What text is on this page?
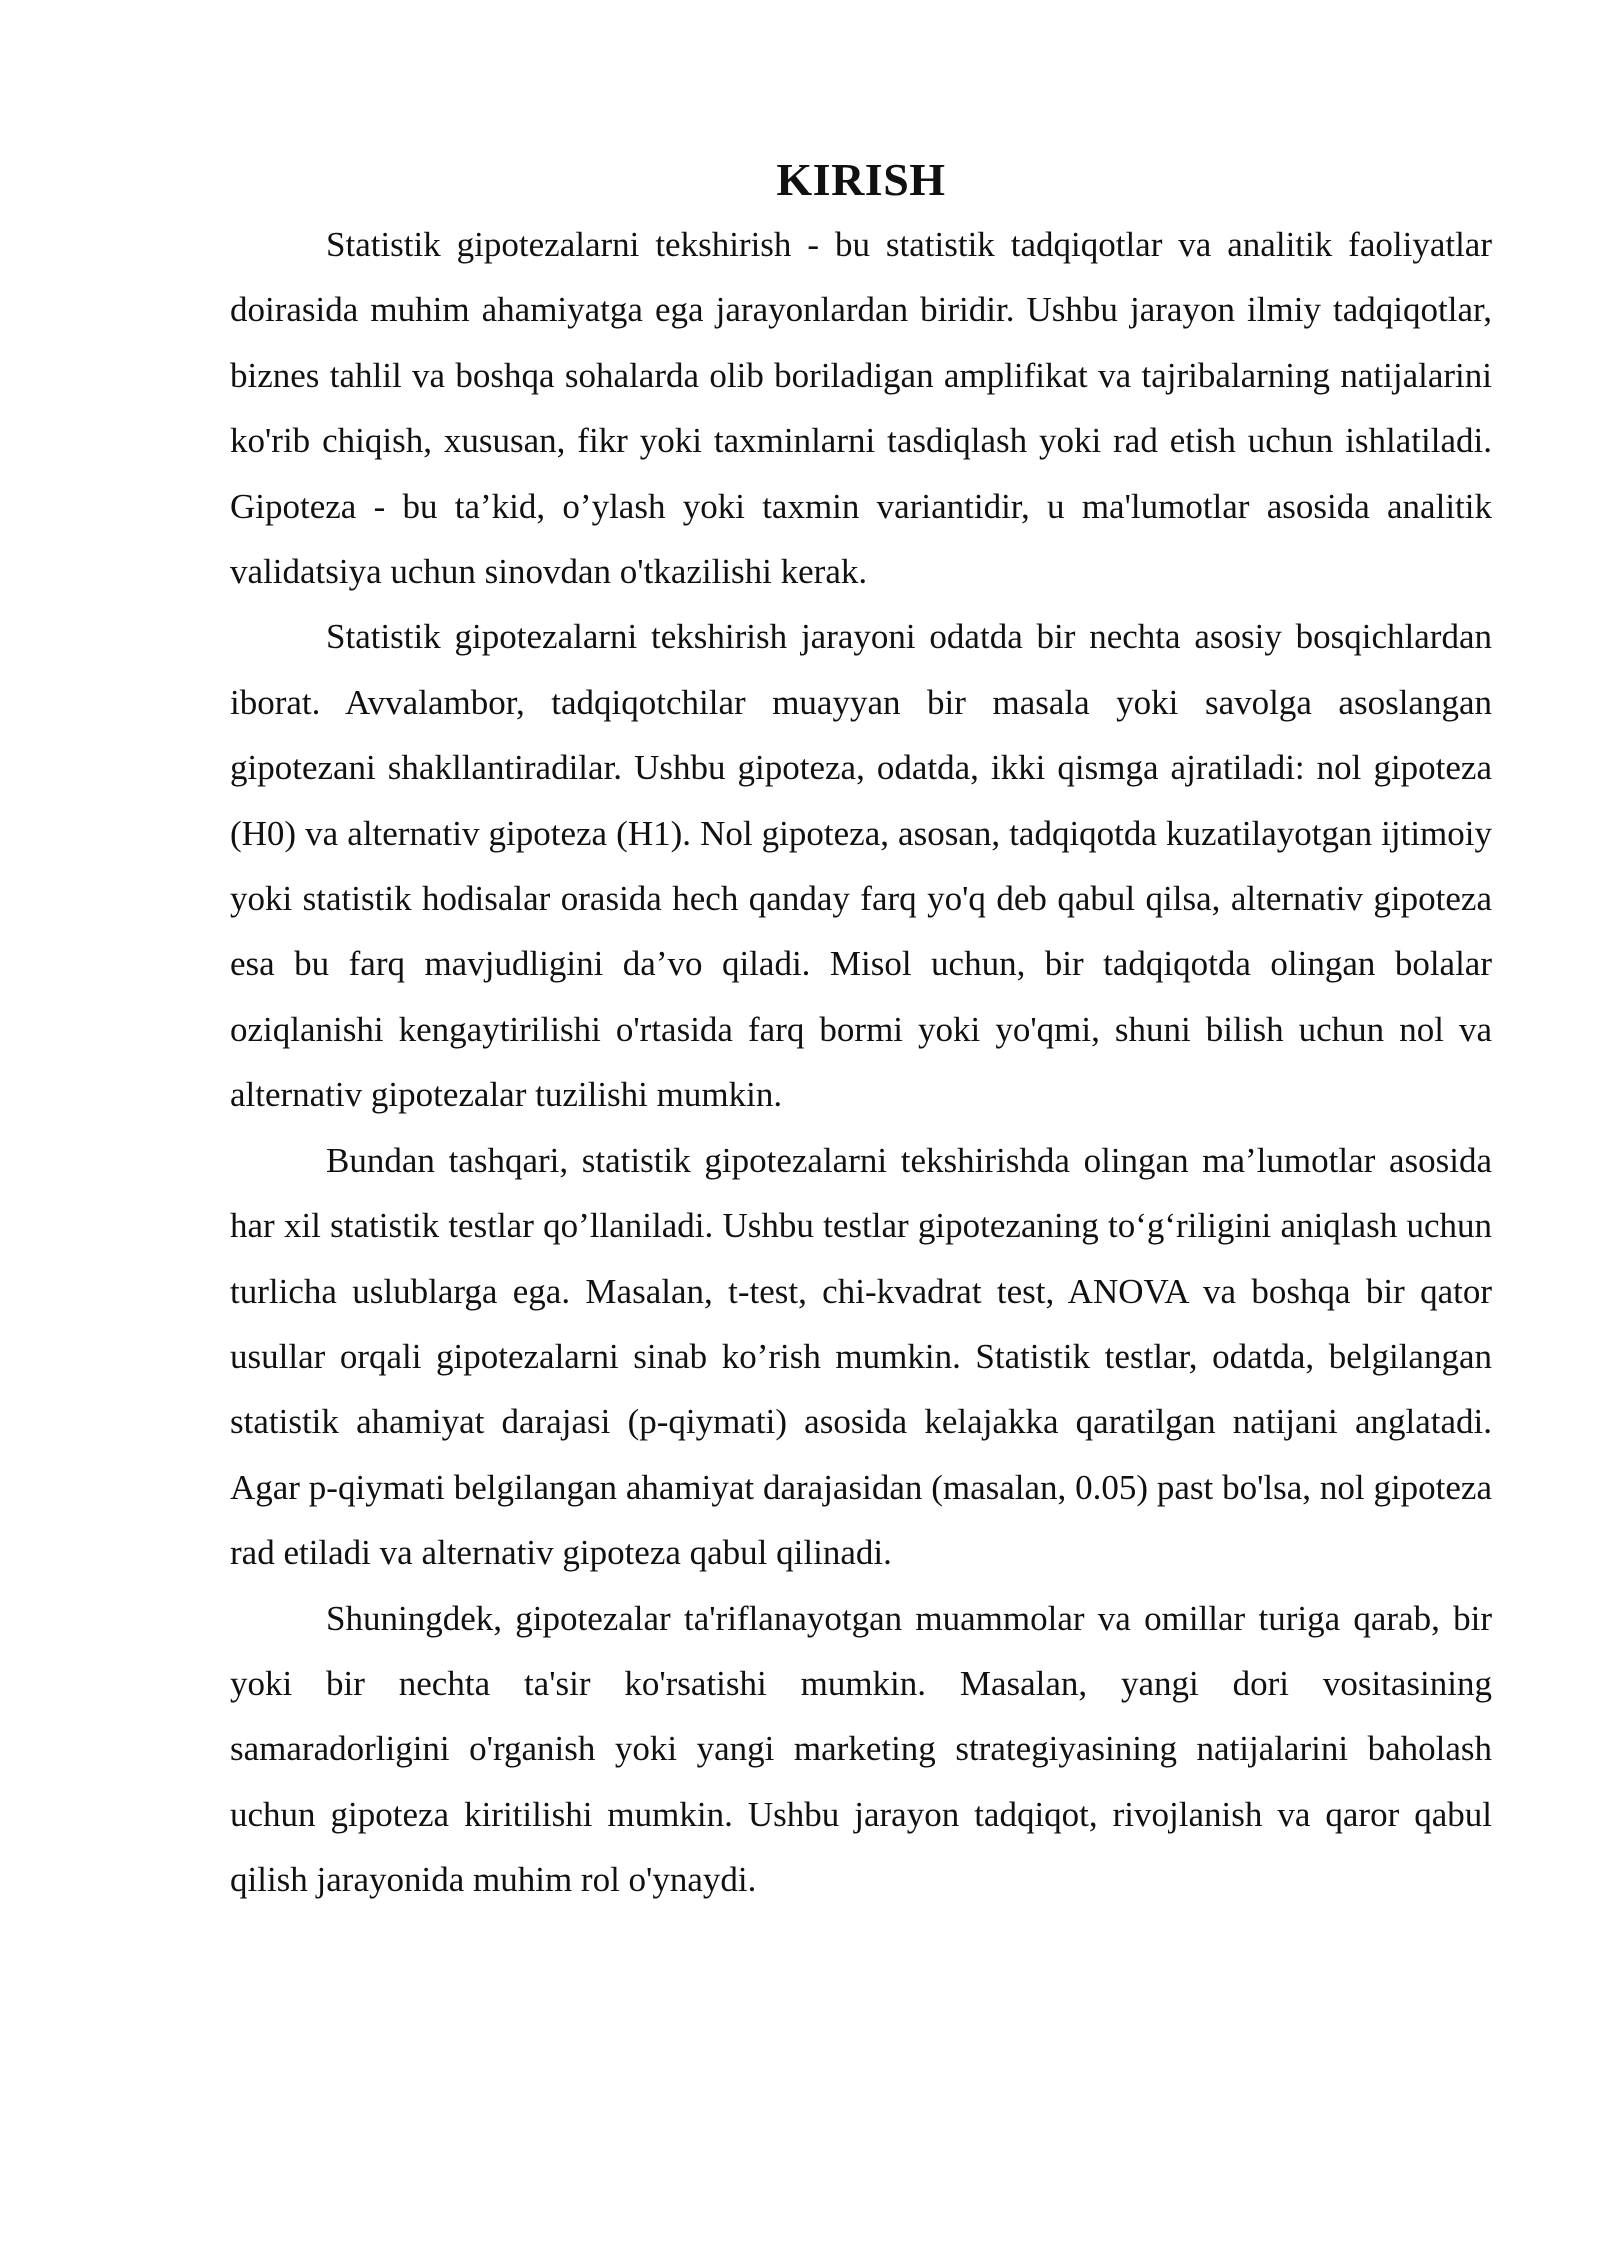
KIRISH

Statistik gipotezalarni tekshirish - bu statistik tadqiqotlar va analitik faoliyatlar doirasida muhim ahamiyatga ega jarayonlardan biridir. Ushbu jarayon ilmiy tadqiqotlar, biznes tahlil va boshqa sohalarda olib boriladigan amplifikat va tajribalarning natijalarini ko'rib chiqish, xususan, fikr yoki taxminlarni tasdiqlash yoki rad etish uchun ishlatiladi. Gipoteza - bu ta’kid, o’ylash yoki taxmin variantidir, u ma'lumotlar asosida analitik validatsiya uchun sinovdan o'tkazilishi kerak.

Statistik gipotezalarni tekshirish jarayoni odatda bir nechta asosiy bosqichlardan iborat. Avvalambor, tadqiqotchilar muayyan bir masala yoki savolga asoslangan gipotezani shakllantiradilar. Ushbu gipoteza, odatda, ikki qismga ajratiladi: nol gipoteza (H0) va alternativ gipoteza (H1). Nol gipoteza, asosan, tadqiqotda kuzatilayotgan ijtimoiy yoki statistik hodisalar orasida hech qanday farq yo'q deb qabul qilsa, alternativ gipoteza esa bu farq mavjudligini da’vo qiladi. Misol uchun, bir tadqiqotda olingan bolalar oziqlanishi kengaytirilishi o'rtasida farq bormi yoki yo'qmi, shuni bilish uchun nol va alternativ gipotezalar tuzilishi mumkin.

Bundan tashqari, statistik gipotezalarni tekshirishda olingan ma’lumotlar asosida har xil statistik testlar qo’llaniladi. Ushbu testlar gipotezaning to‘g‘riligini aniqlash uchun turlicha uslublarga ega. Masalan, t-test, chi-kvadrat test, ANOVA va boshqa bir qator usullar orqali gipotezalarni sinab ko’rish mumkin. Statistik testlar, odatda, belgilangan statistik ahamiyat darajasi (p-qiymati) asosida kelajakka qaratilgan natijani anglatadi. Agar p-qiymati belgilangan ahamiyat darajasidan (masalan, 0.05) past bo'lsa, nol gipoteza rad etiladi va alternativ gipoteza qabul qilinadi.

Shuningdek, gipotezalar ta'riflanayotgan muammolar va omillar turiga qarab, bir yoki bir nechta ta'sir ko'rsatishi mumkin. Masalan, yangi dori vositasining samaradorligini o'rganish yoki yangi marketing strategiyasining natijalarini baholash uchun gipoteza kiritilishi mumkin. Ushbu jarayon tadqiqot, rivojlanish va qaror qabul qilish jarayonida muhim rol o'ynaydi.
